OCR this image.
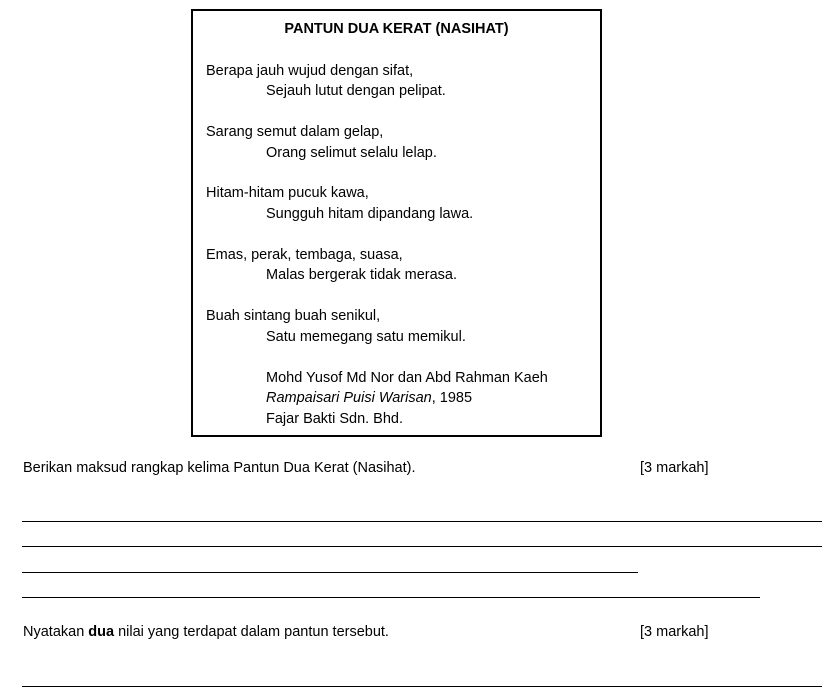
PANTUN DUA KERAT (NASIHAT)
Berapa jauh wujud dengan sifat,
Sejauh lutut dengan pelipat.
Sarang semut dalam gelap,
Orang selimut selalu lelap.
Hitam-hitam pucuk kawa,
Sungguh hitam dipandang lawa.
Emas, perak, tembaga, suasa,
Malas bergerak tidak merasa.
Buah sintang buah senikul,
Satu memegang satu memikul.
Mohd Yusof Md Nor dan Abd Rahman Kaeh
Rampaisari Puisi Warisan, 1985
Fajar Bakti Sdn. Bhd.
Berikan maksud rangkap kelima Pantun Dua Kerat (Nasihat).	[3 markah]
Nyatakan dua nilai yang terdapat dalam pantun tersebut.	[3 markah]
